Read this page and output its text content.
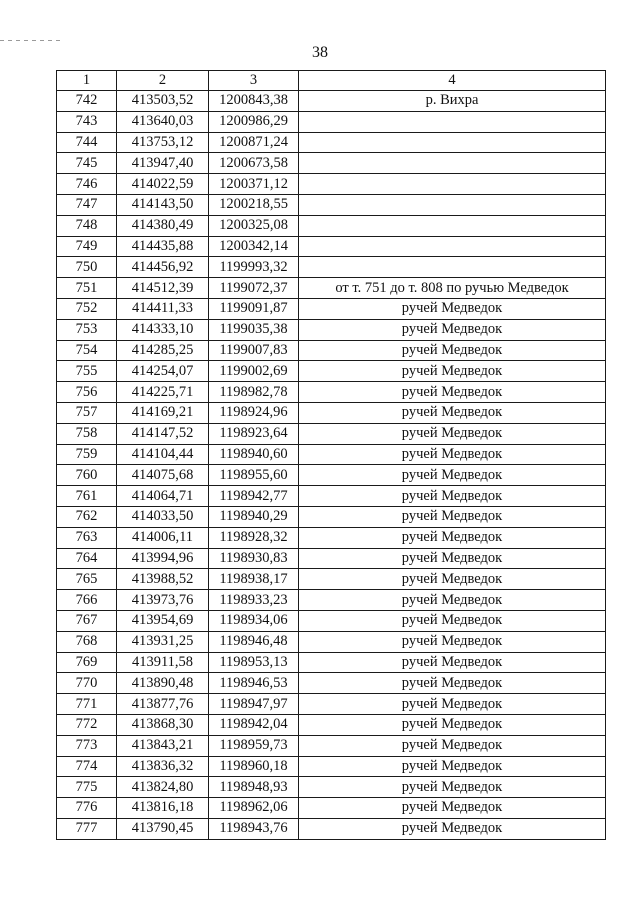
38
1	2	3	4
742	413503,52	1200843,38	р. Вихра
743	413640,03	1200986,29	
744	413753,12	1200871,24	
745	413947,40	1200673,58	
746	414022,59	1200371,12	
747	414143,50	1200218,55	
748	414380,49	1200325,08	
749	414435,88	1200342,14	
750	414456,92	1199993,32	
751	414512,39	1199072,37	от т. 751 до т. 808 по ручью Медведок
752	414411,33	1199091,87	ручей Медведок
753	414333,10	1199035,38	ручей Медведок
754	414285,25	1199007,83	ручей Медведок
755	414254,07	1199002,69	ручей Медведок
756	414225,71	1198982,78	ручей Медведок
757	414169,21	1198924,96	ручей Медведок
758	414147,52	1198923,64	ручей Медведок
759	414104,44	1198940,60	ручей Медведок
760	414075,68	1198955,60	ручей Медведок
761	414064,71	1198942,77	ручей Медведок
762	414033,50	1198940,29	ручей Медведок
763	414006,11	1198928,32	ручей Медведок
764	413994,96	1198930,83	ручей Медведок
765	413988,52	1198938,17	ручей Медведок
766	413973,76	1198933,23	ручей Медведок
767	413954,69	1198934,06	ручей Медведок
768	413931,25	1198946,48	ручей Медведок
769	413911,58	1198953,13	ручей Медведок
770	413890,48	1198946,53	ручей Медведок
771	413877,76	1198947,97	ручей Медведок
772	413868,30	1198942,04	ручей Медведок
773	413843,21	1198959,73	ручей Медведок
774	413836,32	1198960,18	ручей Медведок
775	413824,80	1198948,93	ручей Медведок
776	413816,18	1198962,06	ручей Медведок
777	413790,45	1198943,76	ручей Медведок
